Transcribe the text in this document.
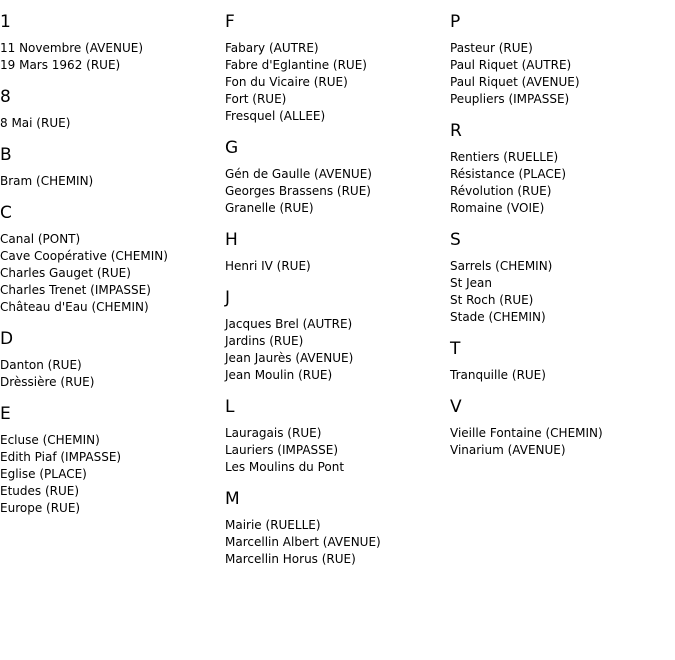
1
11 Novembre (AVENUE)
19 Mars 1962 (RUE)
8
8 Mai (RUE)
B
Bram (CHEMIN)
C
Canal (PONT)
Cave Coopérative (CHEMIN)
Charles Gauget (RUE)
Charles Trenet (IMPASSE)
Château d'Eau (CHEMIN)
D
Danton (RUE)
Drèssière (RUE)
E
Ecluse (CHEMIN)
Edith Piaf (IMPASSE)
Eglise (PLACE)
Etudes (RUE)
Europe (RUE)
F
Fabary (AUTRE)
Fabre d'Eglantine (RUE)
Fon du Vicaire (RUE)
Fort (RUE)
Fresquel (ALLEE)
G
Gén de Gaulle (AVENUE)
Georges Brassens (RUE)
Granelle (RUE)
H
Henri IV (RUE)
J
Jacques Brel (AUTRE)
Jardins (RUE)
Jean Jaurès (AVENUE)
Jean Moulin (RUE)
L
Lauragais (RUE)
Lauriers (IMPASSE)
Les Moulins du Pont
M
Mairie (RUELLE)
Marcellin Albert (AVENUE)
Marcellin Horus (RUE)
P
Pasteur (RUE)
Paul Riquet (AUTRE)
Paul Riquet (AVENUE)
Peupliers (IMPASSE)
R
Rentiers (RUELLE)
Résistance (PLACE)
Révolution (RUE)
Romaine (VOIE)
S
Sarrels (CHEMIN)
St Jean
St Roch (RUE)
Stade (CHEMIN)
T
Tranquille (RUE)
V
Vieille Fontaine (CHEMIN)
Vinarium (AVENUE)
